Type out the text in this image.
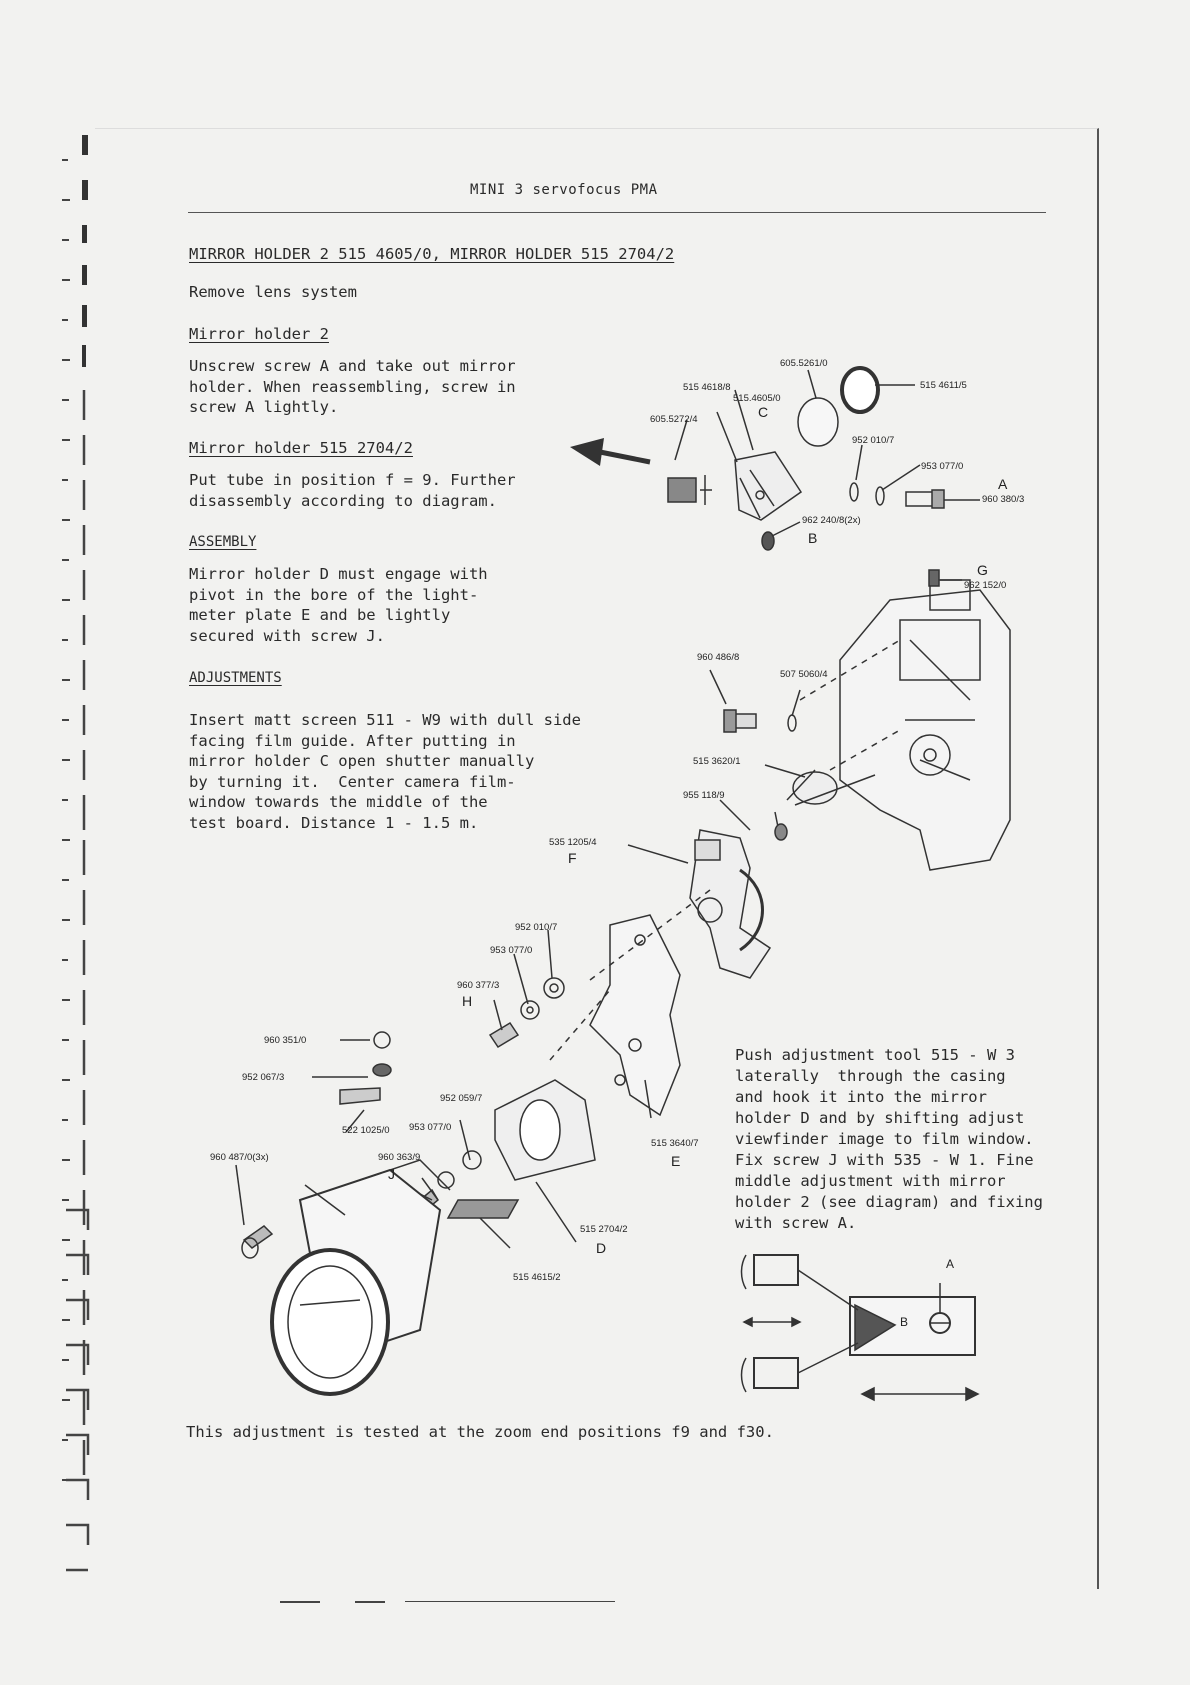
MINI 3 servofocus PMA
MIRROR HOLDER 2 515 4605/0, MIRROR HOLDER 515 2704/2
Remove lens system
Mirror holder 2
Unscrew screw A and take out mirror
holder. When reassembling, screw in
screw A lightly.
Mirror holder 515 2704/2
Put tube in position f = 9. Further
disassembly according to diagram.
ASSEMBLY
Mirror holder D must engage with
pivot in the bore of the light-
meter plate E and be lightly
secured with screw J.
ADJUSTMENTS
Insert matt screen 511 - W9 with dull side
facing film guide. After putting in
mirror holder C open shutter manually
by turning it.  Center camera film-
window towards the middle of the
test board. Distance 1 - 1.5 m.
Push adjustment tool 515 - W 3
laterally  through the casing
and hook it into the mirror
holder D and by shifting adjust
viewfinder image to film window.
Fix screw J with 535 - W 1. Fine
middle adjustment with mirror
holder 2 (see diagram) and fixing
with screw A.
This adjustment is tested at the zoom end positions f9 and f30.
605.5261/0
515 4618/8
515.4605/0
605.5272/4
515 4611/5
952 010/7
953 077/0
960 380/3
962 240/8(2x)
962 152/0
960 486/8
507 5060/4
515 3620/1
955 118/9
535 1205/4
952 010/7
953 077/0
960 377/3
960 351/0
952 067/3
522 1025/0
952 059/7
953 077/0
960 487/0(3x)	960 363/9
515 3640/7
515 2704/2
515 4615/2
A
B
C
D
E
F
G
H
J
A
B
